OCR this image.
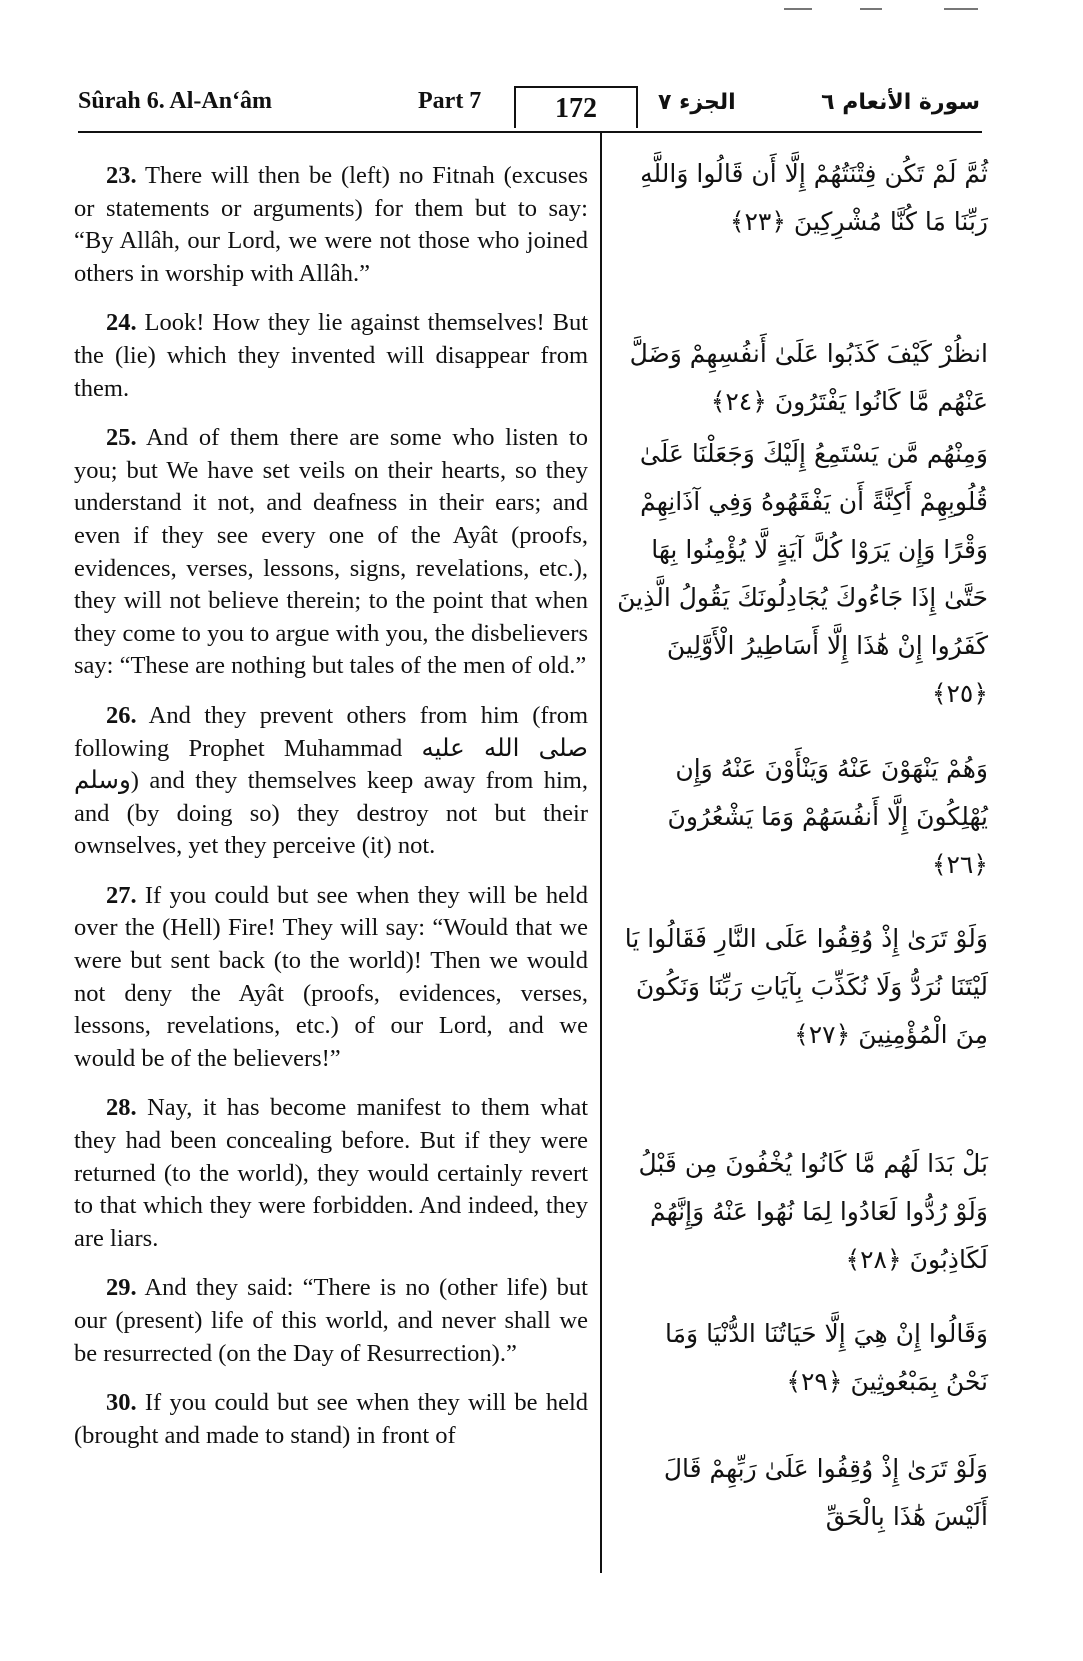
Sûrah 6. Al-An‘âm	Part 7	172	الجزء ٧	سورة الأنعام ٦

23. There will then be (left) no Fitnah (excuses or statements or arguments) for them but to say: “By Allâh, our Lord, we were not those who joined others in worship with Allâh.”

24. Look! How they lie against themselves! But the (lie) which they invented will disappear from them.

25. And of them there are some who listen to you; but We have set veils on their hearts, so they understand it not, and deafness in their ears; and even if they see every one of the Ayât (proofs, evidences, verses, lessons, signs, revelations, etc.), they will not believe therein; to the point that when they come to you to argue with you, the disbelievers say: “These are nothing but tales of the men of old.”

26. And they prevent others from him (from following Prophet Muhammad صلى الله عليه وسلم) and they themselves keep away from him, and (by doing so) they destroy not but their ownselves, yet they perceive (it) not.

27. If you could but see when they will be held over the (Hell) Fire! They will say: “Would that we were but sent back (to the world)! Then we would not deny the Ayât (proofs, evidences, verses, lessons, revelations, etc.) of our Lord, and we would be of the believers!”

28. Nay, it has become manifest to them what they had been concealing before. But if they were returned (to the world), they would certainly revert to that which they were forbidden. And indeed, they are liars.

29. And they said: “There is no (other life) but our (present) life of this world, and never shall we be resurrected (on the Day of Resurrection).”

30. If you could but see when they will be held (brought and made to stand) in front of

ثُمَّ لَمْ تَكُن فِتْنَتُهُمْ إِلَّا أَن قَالُوا وَاللَّهِ رَبِّنَا مَا كُنَّا مُشْرِكِينَ ﴿٢٣﴾
انظُرْ كَيْفَ كَذَبُوا عَلَىٰ أَنفُسِهِمْ وَضَلَّ عَنْهُم مَّا كَانُوا يَفْتَرُونَ ﴿٢٤﴾
وَمِنْهُم مَّن يَسْتَمِعُ إِلَيْكَ وَجَعَلْنَا عَلَىٰ قُلُوبِهِمْ أَكِنَّةً أَن يَفْقَهُوهُ وَفِي آذَانِهِمْ وَقْرًا وَإِن يَرَوْا كُلَّ آيَةٍ لَّا يُؤْمِنُوا بِهَا حَتَّىٰ إِذَا جَاءُوكَ يُجَادِلُونَكَ يَقُولُ الَّذِينَ كَفَرُوا إِنْ هَٰذَا إِلَّا أَسَاطِيرُ الْأَوَّلِينَ ﴿٢٥﴾
وَهُمْ يَنْهَوْنَ عَنْهُ وَيَنْأَوْنَ عَنْهُ وَإِن يُهْلِكُونَ إِلَّا أَنفُسَهُمْ وَمَا يَشْعُرُونَ ﴿٢٦﴾
وَلَوْ تَرَىٰ إِذْ وُقِفُوا عَلَى النَّارِ فَقَالُوا يَا لَيْتَنَا نُرَدُّ وَلَا نُكَذِّبَ بِآيَاتِ رَبِّنَا وَنَكُونَ مِنَ الْمُؤْمِنِينَ ﴿٢٧﴾
بَلْ بَدَا لَهُم مَّا كَانُوا يُخْفُونَ مِن قَبْلُ وَلَوْ رُدُّوا لَعَادُوا لِمَا نُهُوا عَنْهُ وَإِنَّهُمْ لَكَاذِبُونَ ﴿٢٨﴾
وَقَالُوا إِنْ هِيَ إِلَّا حَيَاتُنَا الدُّنْيَا وَمَا نَحْنُ بِمَبْعُوثِينَ ﴿٢٩﴾
وَلَوْ تَرَىٰ إِذْ وُقِفُوا عَلَىٰ رَبِّهِمْ قَالَ أَلَيْسَ هَٰذَا بِالْحَقِّ
